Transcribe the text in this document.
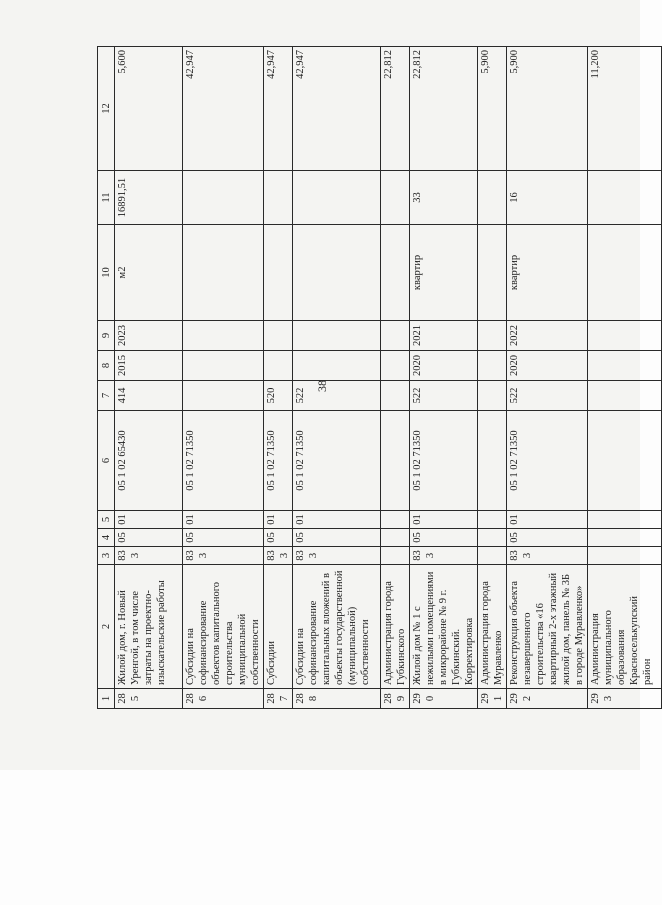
38
1	2	3	4	5	6	7	8	9	10	11	12
285	Жилой дом, г. Новый Уренгой, в том числе затраты на проектно-изыскательские работы	833	05	01	05 1 02 65430	414	2015	2023	м2	16891,51	5,600
286	Субсидии на софинансирование объектов капитального строительства муниципальной собственности	833	05	01	05 1 02 71350						42,947
287	Субсидии	833	05	01	05 1 02 71350	520					42,947
288	Субсидии на софинансирование капитальных вложений в объекты государственной (муниципальной) собственности	833	05	01	05 1 02 71350	522					42,947
289	Администрация города Губкинского										22,812
290	Жилой дом № 1 с нежилыми помещениями в микрорайоне № 9 г. Губкинский. Корректировка	833	05	01	05 1 02 71350	522	2020	2021	квартир	33	22,812
291	Администрация города Муравленко										5,900
292	Реконструкция объекта незавершенного строительства «16 квартирный 2-х этажный жилой дом, панель № 3Б в городе Муравленко»	833	05	01	05 1 02 71350	522	2020	2022	квартир	16	5,900
293	Администрация муниципального образования Красноселькупский район										11,200
